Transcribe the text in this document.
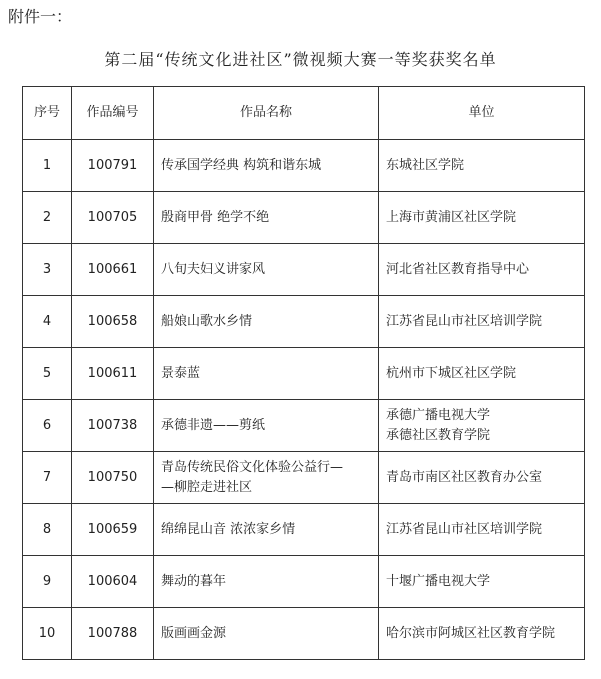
附件一：
第二届“传统文化进社区”微视频大赛一等奖获奖名单
序号	作品编号	作品名称	单位
1	100791	传承国学经典 构筑和谐东城	东城社区学院

2	100705	殷商甲骨 绝学不绝	上海市黄浦区社区学院

3	100661	八旬夫妇义讲家风	河北省社区教育指导中心

4	100658	船娘山歌水乡情	江苏省昆山市社区培训学院

5	100611	景泰蓝	杭州市下城区社区学院

6	100738	承德非遗——剪纸	承德广播电视大学
承德社区教育学院

7	100750	青岛传统民俗文化体验公益行—
—柳腔走进社区	青岛市南区社区教育办公室

8	100659	绵绵昆山音 浓浓家乡情	江苏省昆山市社区培训学院

9	100604	舞动的暮年	十堰广播电视大学

10	100788	版画画金源	哈尔滨市阿城区社区教育学院
